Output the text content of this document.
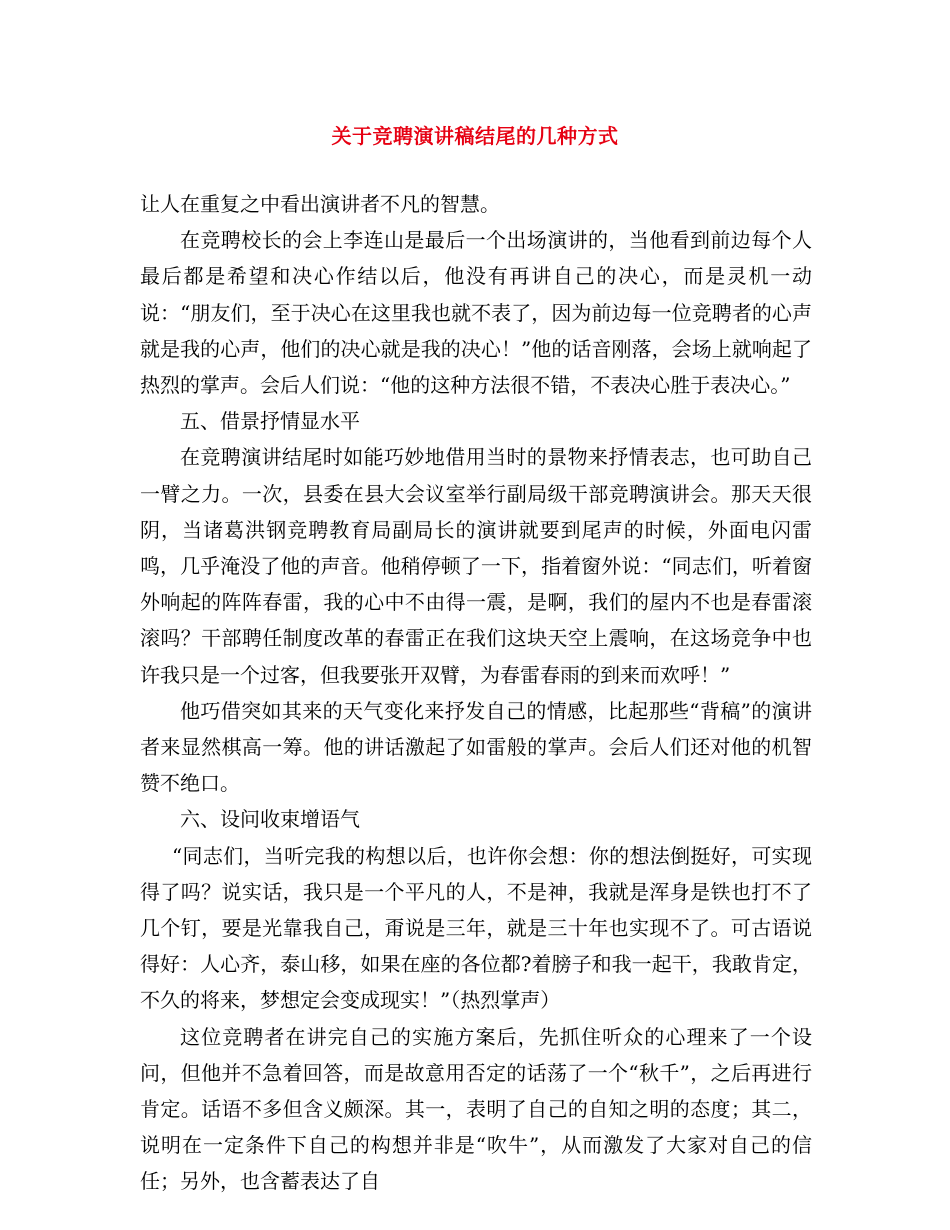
关于竞聘演讲稿结尾的几种方式

让人在重复之中看出演讲者不凡的智慧。

在竞聘校长的会上李连山是最后一个出场演讲的，当他看到前边每个人最后都是希望和决心作结以后，他没有再讲自己的决心，而是灵机一动说：“朋友们，至于决心在这里我也就不表了，因为前边每一位竞聘者的心声就是我的心声，他们的决心就是我的决心！”他的话音刚落，会场上就响起了热烈的掌声。会后人们说：“他的这种方法很不错，不表决心胜于表决心。”

五、借景抒情显水平

在竞聘演讲结尾时如能巧妙地借用当时的景物来抒情表志，也可助自己一臂之力。一次，县委在县大会议室举行副局级干部竞聘演讲会。那天天很阴，当诸葛洪钢竞聘教育局副局长的演讲就要到尾声的时候，外面电闪雷鸣，几乎淹没了他的声音。他稍停顿了一下，指着窗外说：“同志们，听着窗外响起的阵阵春雷，我的心中不由得一震，是啊，我们的屋内不也是春雷滚滚吗？干部聘任制度改革的春雷正在我们这块天空上震响，在这场竞争中也许我只是一个过客，但我要张开双臂，为春雷春雨的到来而欢呼！”

他巧借突如其来的天气变化来抒发自己的情感，比起那些“背稿”的演讲者来显然棋高一筹。他的讲话激起了如雷般的掌声。会后人们还对他的机智赞不绝口。

六、设问收束增语气

“同志们，当听完我的构想以后，也许你会想：你的想法倒挺好，可实现得了吗？说实话，我只是一个平凡的人，不是神，我就是浑身是铁也打不了几个钉，要是光靠我自己，甭说是三年，就是三十年也实现不了。可古语说得好：人心齐，泰山移，如果在座的各位都?着膀子和我一起干，我敢肯定，不久的将来，梦想定会变成现实！”（热烈掌声）

这位竞聘者在讲完自己的实施方案后，先抓住听众的心理来了一个设问，但他并不急着回答，而是故意用否定的话荡了一个“秋千”，之后再进行肯定。话语不多但含义颇深。其一，表明了自己的自知之明的态度；其二，说明在一定条件下自己的构想并非是“吹牛”，从而激发了大家对自己的信任；另外，也含蓄表达了自
